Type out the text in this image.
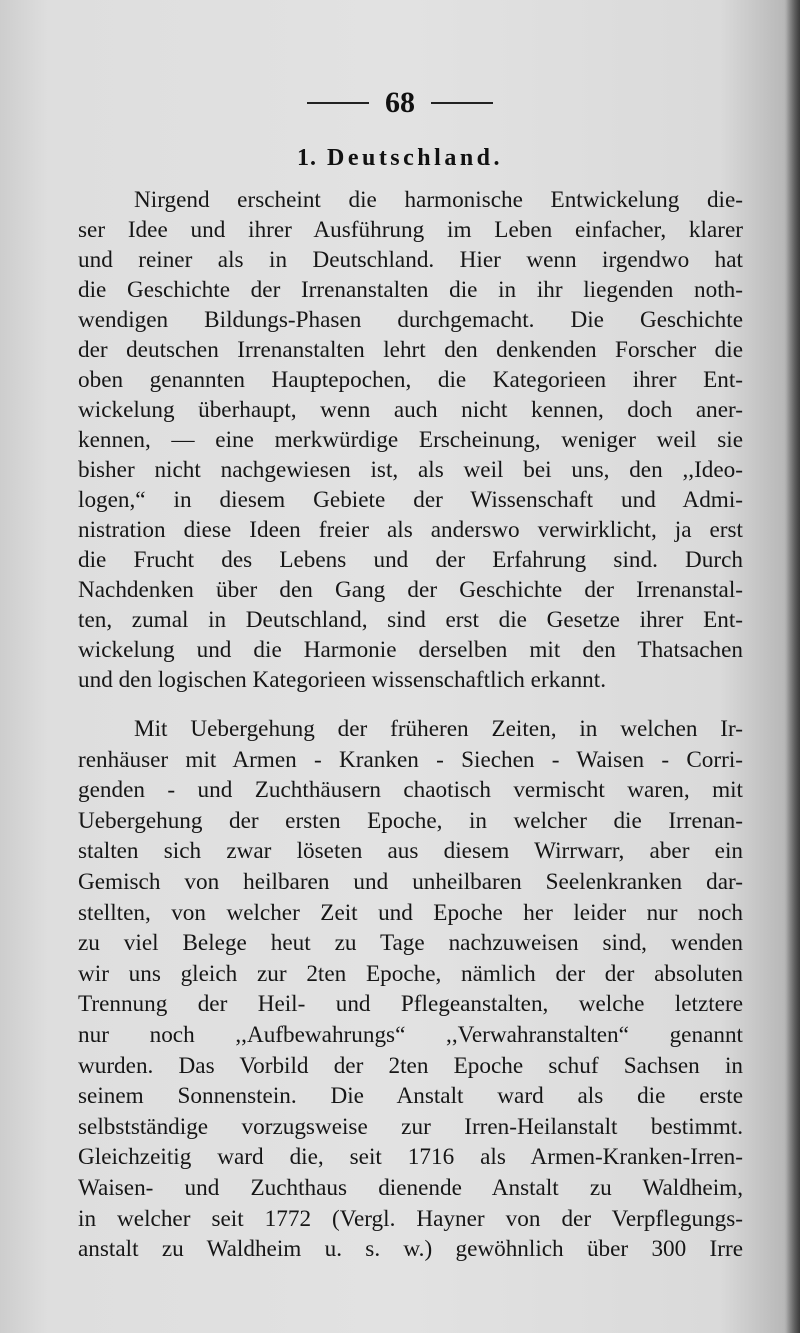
68
1. Deutschland.
Nirgend erscheint die harmonische Entwickelung die-
ser Idee und ihrer Ausführung im Leben einfacher, klarer
und reiner als in Deutschland. Hier wenn irgendwo hat
die Geschichte der Irrenanstalten die in ihr liegenden noth-
wendigen Bildungs-Phasen durchgemacht. Die Geschichte
der deutschen Irrenanstalten lehrt den denkenden Forscher die
oben genannten Hauptepochen, die Kategorieen ihrer Ent-
wickelung überhaupt, wenn auch nicht kennen, doch aner-
kennen, — eine merkwürdige Erscheinung, weniger weil sie
bisher nicht nachgewiesen ist, als weil bei uns, den ,,Ideo-
logen,“ in diesem Gebiete der Wissenschaft und Admi-
nistration diese Ideen freier als anderswo verwirklicht, ja erst
die Frucht des Lebens und der Erfahrung sind. Durch
Nachdenken über den Gang der Geschichte der Irrenanstal-
ten, zumal in Deutschland, sind erst die Gesetze ihrer Ent-
wickelung und die Harmonie derselben mit den Thatsachen
und den logischen Kategorieen wissenschaftlich erkannt.
Mit Uebergehung der früheren Zeiten, in welchen Ir-
renhäuser mit Armen - Kranken - Siechen - Waisen - Corri-
genden - und Zuchthäusern chaotisch vermischt waren, mit
Uebergehung der ersten Epoche, in welcher die Irrenan-
stalten sich zwar löseten aus diesem Wirrwarr, aber ein
Gemisch von heilbaren und unheilbaren Seelenkranken dar-
stellten, von welcher Zeit und Epoche her leider nur noch
zu viel Belege heut zu Tage nachzuweisen sind, wenden
wir uns gleich zur 2ten Epoche, nämlich der der absoluten
Trennung der Heil- und Pflegeanstalten, welche letztere
nur noch ,,Aufbewahrungs“ ,,Verwahranstalten“ genannt
wurden. Das Vorbild der 2ten Epoche schuf Sachsen in
seinem Sonnenstein. Die Anstalt ward als die erste
selbstständige vorzugsweise zur Irren-Heilanstalt bestimmt.
Gleichzeitig ward die, seit 1716 als Armen-Kranken-Irren-
Waisen- und Zuchthaus dienende Anstalt zu Waldheim,
in welcher seit 1772 (Vergl. Hayner von der Verpflegungs-
anstalt zu Waldheim u. s. w.) gewöhnlich über 300 Irre
